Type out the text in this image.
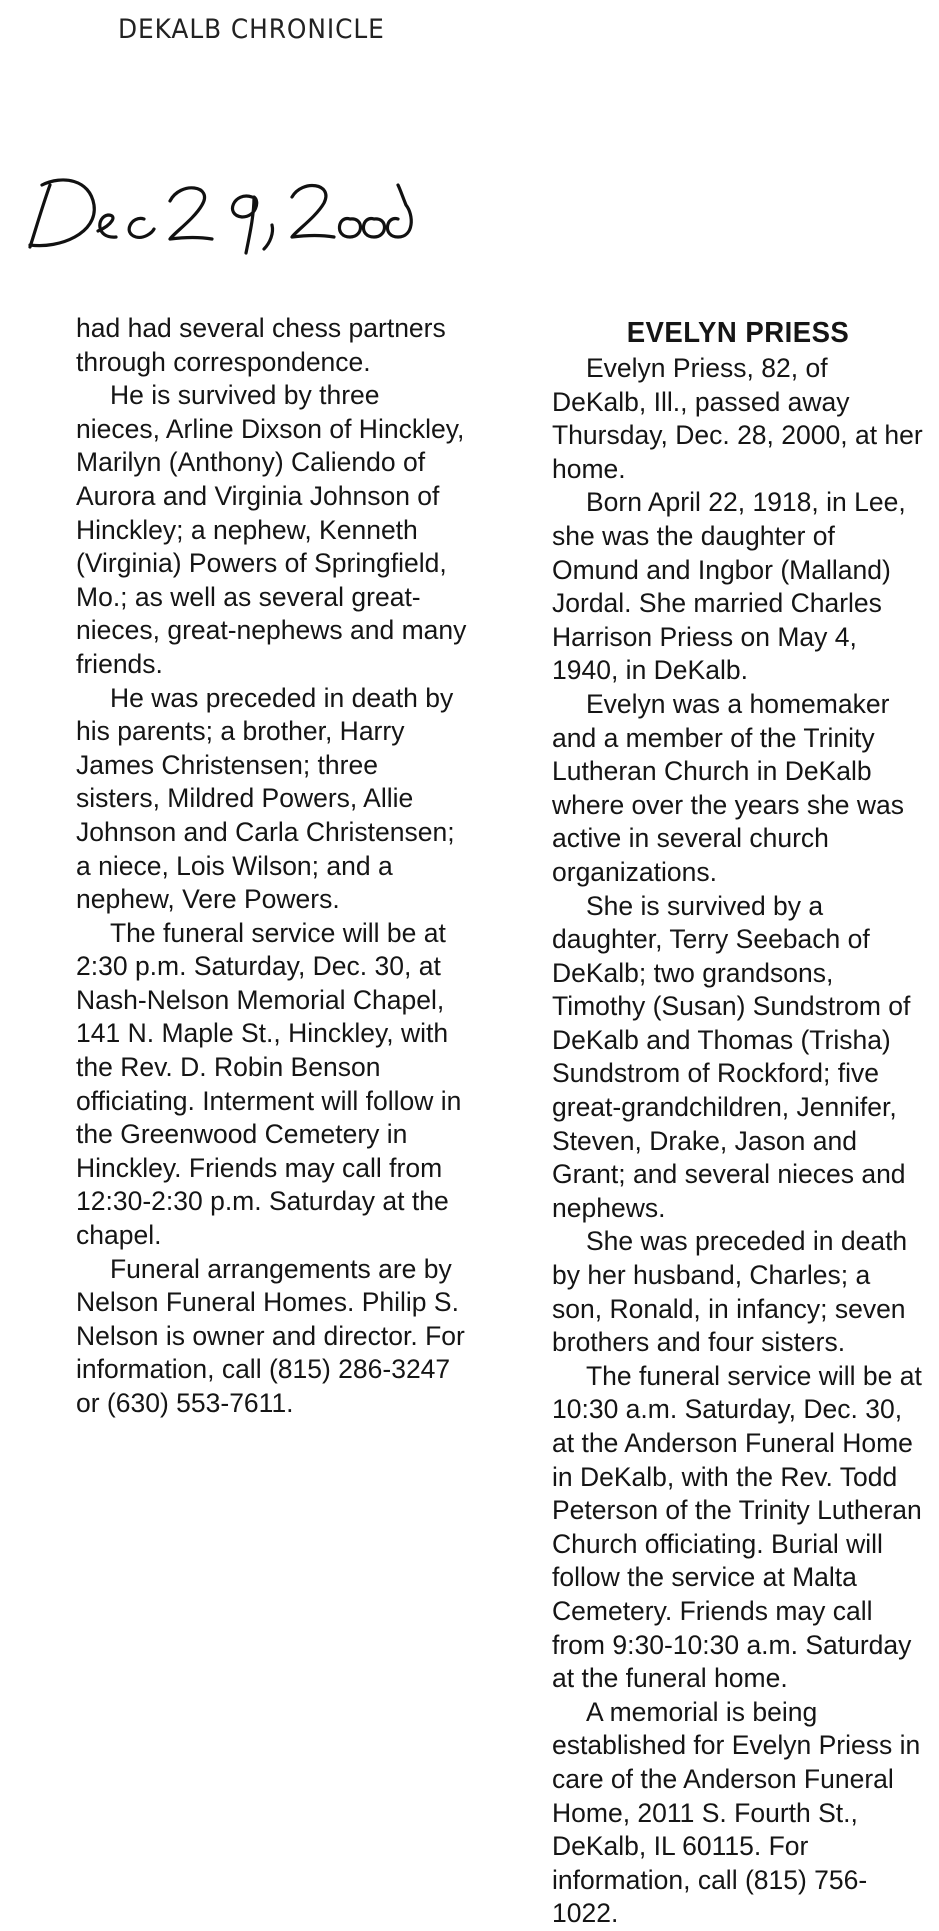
DEKALB CHRONICLE

had had several chess partners through correspondence.

He is survived by three nieces, Arline Dixson of Hinckley, Marilyn (Anthony) Caliendo of Aurora and Virginia Johnson of Hinckley; a nephew, Kenneth (Virginia) Powers of Springfield, Mo.; as well as several great-nieces, great-nephews and many friends.

He was preceded in death by his parents; a brother, Harry James Christensen; three sisters, Mildred Powers, Allie Johnson and Carla Christensen; a niece, Lois Wilson; and a nephew, Vere Powers.

The funeral service will be at 2:30 p.m. Saturday, Dec. 30, at Nash-Nelson Memorial Chapel, 141 N. Maple St., Hinckley, with the Rev. D. Robin Benson officiating. Interment will follow in the Greenwood Cemetery in Hinckley. Friends may call from 12:30-2:30 p.m. Saturday at the chapel.

Funeral arrangements are by Nelson Funeral Homes. Philip S. Nelson is owner and director. For information, call (815) 286-3247 or (630) 553-7611.

EVELYN PRIESS

Evelyn Priess, 82, of DeKalb, Ill., passed away Thursday, Dec. 28, 2000, at her home.

Born April 22, 1918, in Lee, she was the daughter of Omund and Ingbor (Malland) Jordal. She married Charles Harrison Priess on May 4, 1940, in DeKalb.

Evelyn was a homemaker and a member of the Trinity Lutheran Church in DeKalb where over the years she was active in several church organizations.

She is survived by a daughter, Terry Seebach of DeKalb; two grandsons, Timothy (Susan) Sundstrom of DeKalb and Thomas (Trisha) Sundstrom of Rockford; five great-grandchildren, Jennifer, Steven, Drake, Jason and Grant; and several nieces and nephews.

She was preceded in death by her husband, Charles; a son, Ronald, in infancy; seven brothers and four sisters.

The funeral service will be at 10:30 a.m. Saturday, Dec. 30, at the Anderson Funeral Home in DeKalb, with the Rev. Todd Peterson of the Trinity Lutheran Church officiating. Burial will follow the service at Malta Cemetery. Friends may call from 9:30-10:30 a.m. Saturday at the funeral home.

A memorial is being established for Evelyn Priess in care of the Anderson Funeral Home, 2011 S. Fourth St., DeKalb, IL 60115. For information, call (815) 756-1022.
